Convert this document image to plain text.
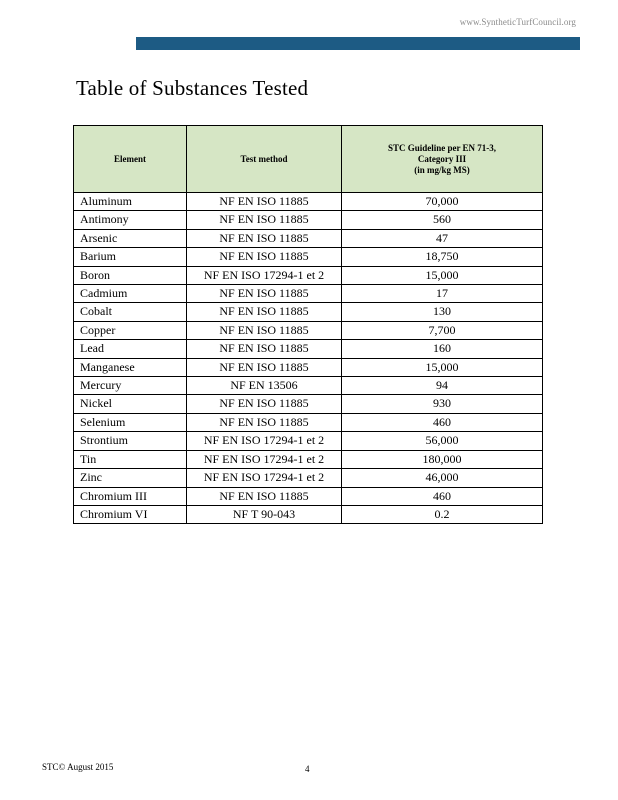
www.SyntheticTurfCouncil.org
Table of Substances Tested
Element	Test method	STC Guideline per EN 71-3,
Category III
(in mg/kg MS)
Aluminum	NF EN ISO 11885	70,000
Antimony	NF EN ISO 11885	560
Arsenic	NF EN ISO 11885	47
Barium	NF EN ISO 11885	18,750
Boron	NF EN ISO 17294-1 et 2	15,000
Cadmium	NF EN ISO 11885	17
Cobalt	NF EN ISO 11885	130
Copper	NF EN ISO 11885	7,700
Lead	NF EN ISO 11885	160
Manganese	NF EN ISO 11885	15,000
Mercury	NF EN 13506	94
Nickel	NF EN ISO 11885	930
Selenium	NF EN ISO 11885	460
Strontium	NF EN ISO 17294-1 et 2	56,000
Tin	NF EN ISO 17294-1 et 2	180,000
Zinc	NF EN ISO 17294-1 et 2	46,000
Chromium III	NF EN ISO 11885	460
Chromium VI	NF T 90-043	0.2
STC© August 2015	4
